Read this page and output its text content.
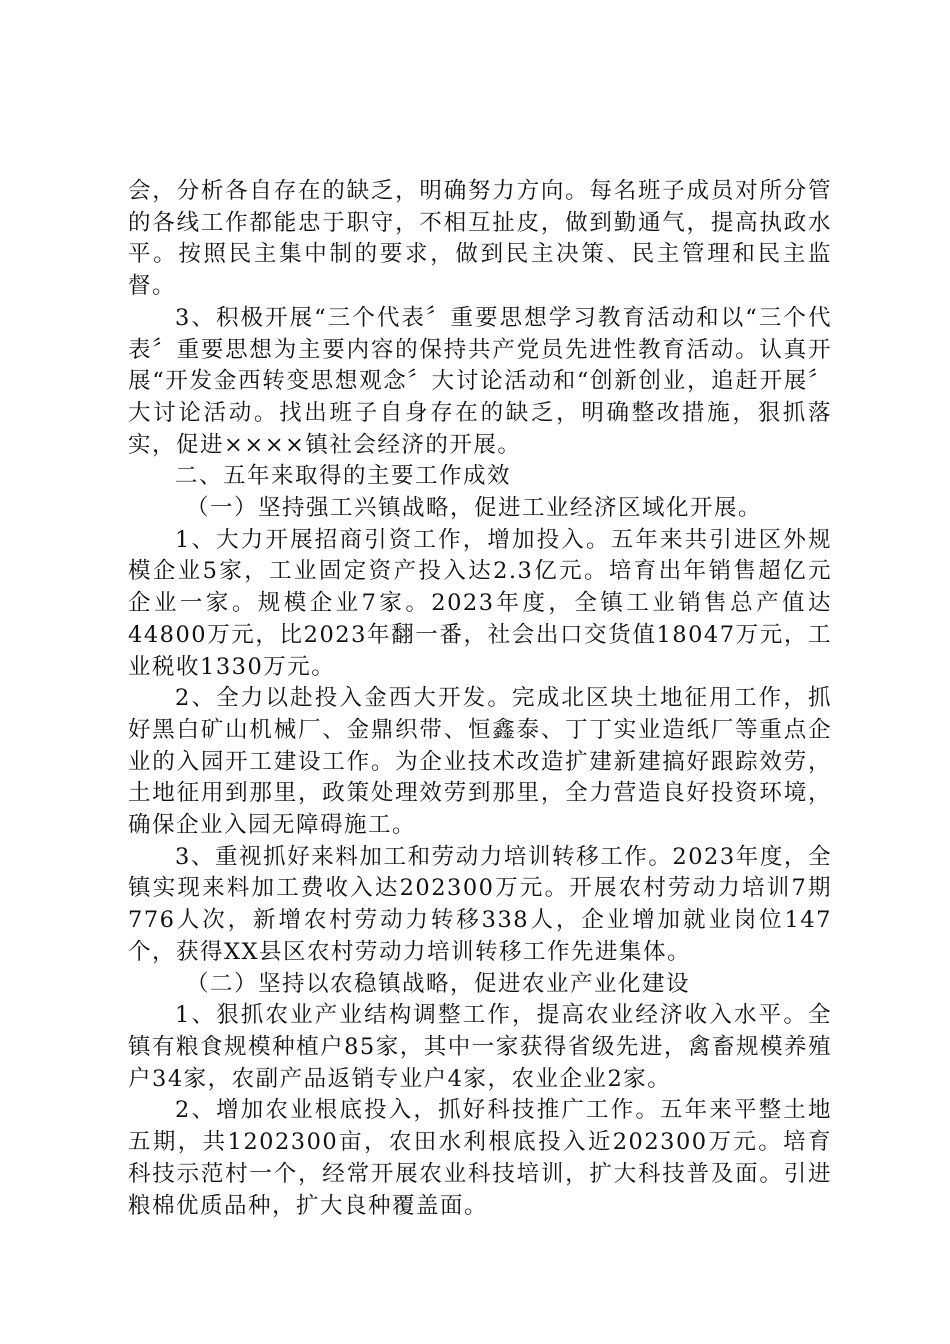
会，分析各自存在的缺乏，明确努力方向。每名班子成员对所分管的各线工作都能忠于职守，不相互扯皮，做到勤通气，提高执政水平。按照民主集中制的要求，做到民主决策、民主管理和民主监督。

3、积极开展“三个代表〞重要思想学习教育活动和以“三个代表〞重要思想为主要内容的保持共产党员先进性教育活动。认真开展“开发金西转变思想观念〞大讨论活动和“创新创业，追赶开展〞大讨论活动。找出班子自身存在的缺乏，明确整改措施，狠抓落实，促进××××镇社会经济的开展。

二、五年来取得的主要工作成效

（一）坚持强工兴镇战略，促进工业经济区域化开展。

1、大力开展招商引资工作，增加投入。五年来共引进区外规模企业5家，工业固定资产投入达2.3亿元。培育出年销售超亿元企业一家。规模企业7家。2023年度，全镇工业销售总产值达44800万元，比2023年翻一番，社会出口交货值18047万元，工业税收1330万元。

2、全力以赴投入金西大开发。完成北区块土地征用工作，抓好黑白矿山机械厂、金鼎织带、恒鑫泰、丁丁实业造纸厂等重点企业的入园开工建设工作。为企业技术改造扩建新建搞好跟踪效劳，土地征用到那里，政策处理效劳到那里，全力营造良好投资环境，确保企业入园无障碍施工。

3、重视抓好来料加工和劳动力培训转移工作。2023年度，全镇实现来料加工费收入达202300万元。开展农村劳动力培训7期776人次，新增农村劳动力转移338人，企业增加就业岗位147个，获得XX县区农村劳动力培训转移工作先进集体。

（二）坚持以农稳镇战略，促进农业产业化建设

1、狠抓农业产业结构调整工作，提高农业经济收入水平。全镇有粮食规模种植户85家，其中一家获得省级先进，禽畜规模养殖户34家，农副产品返销专业户4家，农业企业2家。

2、增加农业根底投入，抓好科技推广工作。五年来平整土地五期，共1202300亩，农田水利根底投入近202300万元。培育科技示范村一个，经常开展农业科技培训，扩大科技普及面。引进粮棉优质品种，扩大良种覆盖面。
